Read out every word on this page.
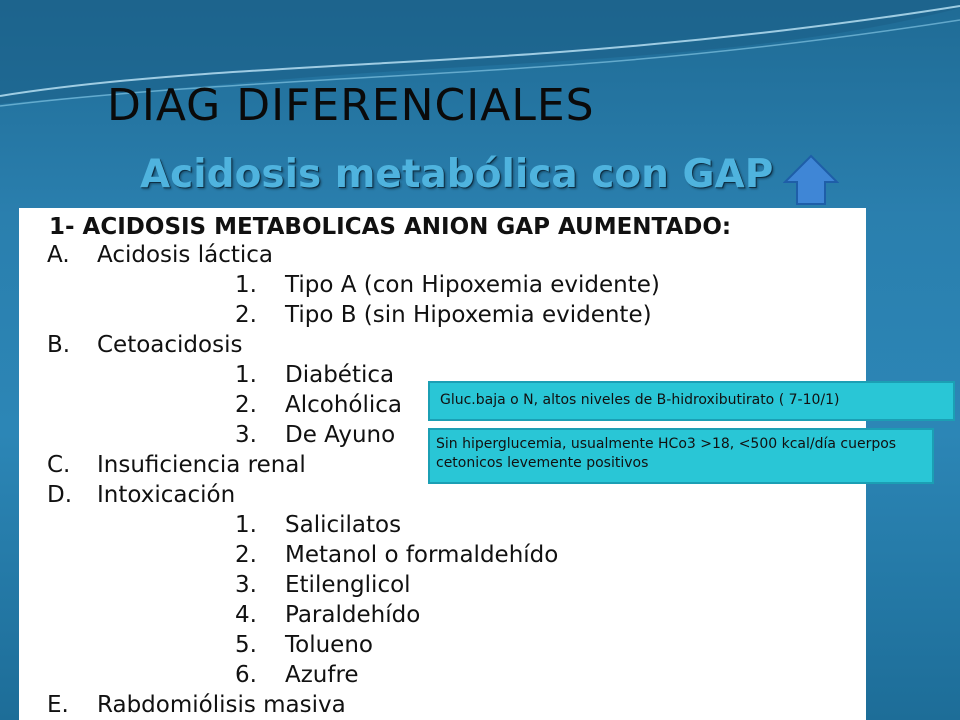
DIAG DIFERENCIALES
Acidosis metabólica con GAP
1- ACIDOSIS METABOLICAS ANION GAP AUMENTADO:
A. Acidosis láctica
1. Tipo A (con Hipoxemia evidente)
2. Tipo B (sin Hipoxemia evidente)
B. Cetoacidosis
1. Diabética
2. Alcohólica
3. De Ayuno
C. Insuficiencia renal
D. Intoxicación
1. Salicilatos
2. Metanol o formaldehído
3. Etilenglicol
4. Paraldehído
5. Tolueno
6. Azufre
E. Rabdomiólisis masiva
Gluc.baja o N, altos niveles de B-hidroxibutirato ( 7-10/1)
Sin hiperglucemia, usualmente HCo3 >18, <500 kcal/día cuerpos cetonicos levemente positivos
